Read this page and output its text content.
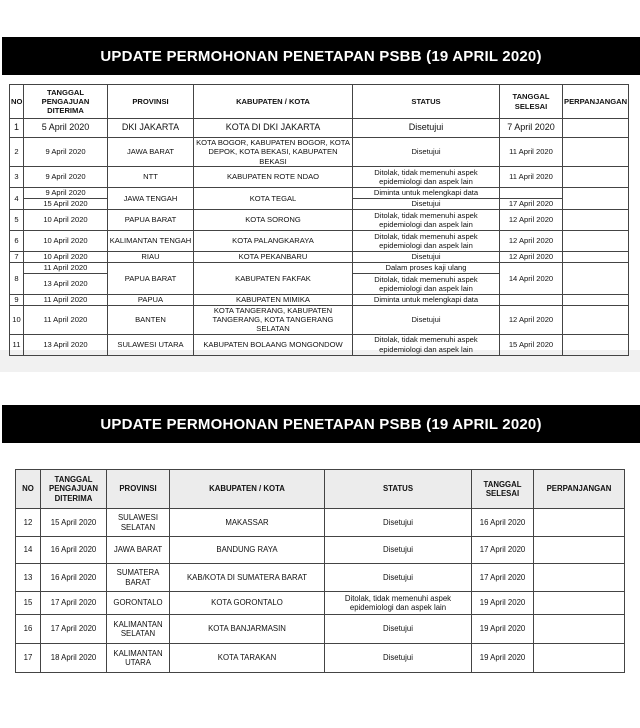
UPDATE PERMOHONAN PENETAPAN PSBB (19 APRIL 2020)
NO	TANGGAL PENGAJUAN DITERIMA	PROVINSI	KABUPATEN / KOTA	STATUS	TANGGAL SELESAI	PERPANJANGAN
1	5 April 2020	DKI JAKARTA	KOTA DI DKI JAKARTA	Disetujui	7 April 2020	
2	9 April 2020	JAWA BARAT	KOTA BOGOR, KABUPATEN BOGOR, KOTA DEPOK, KOTA BEKASI, KABUPATEN BEKASI	Disetujui	11 April 2020	
3	9 April 2020	NTT	KABUPATEN ROTE NDAO	Ditolak, tidak memenuhi aspek epidemiologi dan aspek lain	11 April 2020	
4	9 April 2020	JAWA TENGAH	KOTA TEGAL	Diminta untuk melengkapi data		
	15 April 2020			Disetujui	17 April 2020	
5	10 April 2020	PAPUA BARAT	KOTA SORONG	Ditolak, tidak memenuhi aspek epidemiologi dan aspek lain	12 April 2020	
6	10 April 2020	KALIMANTAN TENGAH	KOTA PALANGKARAYA	Ditolak, tidak memenuhi aspek epidemiologi dan aspek lain	12 April 2020	
7	10 April 2020	RIAU	KOTA PEKANBARU	Disetujui	12 April 2020	
8	11 April 2020	PAPUA BARAT	KABUPATEN FAKFAK	Dalam proses kaji ulang	14 April 2020	
	13 April 2020			Ditolak, tidak memenuhi aspek epidemiologi dan aspek lain		
9	11 April 2020	PAPUA	KABUPATEN MIMIKA	Diminta untuk melengkapi data		
10	11 April 2020	BANTEN	KOTA TANGERANG, KABUPATEN TANGERANG, KOTA TANGERANG SELATAN	Disetujui	12 April 2020	
11	13 April 2020	SULAWESI UTARA	KABUPATEN BOLAANG MONGONDOW	Ditolak, tidak memenuhi aspek epidemiologi dan aspek lain	15 April 2020	
UPDATE PERMOHONAN PENETAPAN PSBB (19 APRIL 2020)
NO	TANGGAL PENGAJUAN DITERIMA	PROVINSI	KABUPATEN / KOTA	STATUS	TANGGAL SELESAI	PERPANJANGAN
12	15 April 2020	SULAWESI SELATAN	MAKASSAR	Disetujui	16 April 2020	
14	16 April 2020	JAWA BARAT	BANDUNG RAYA	Disetujui	17 April 2020	
13	16 April 2020	SUMATERA BARAT	KAB/KOTA DI SUMATERA BARAT	Disetujui	17 April 2020	
15	17 April 2020	GORONTALO	KOTA GORONTALO	Ditolak, tidak memenuhi aspek epidemiologi dan aspek lain	19 April 2020	
16	17 April 2020	KALIMANTAN SELATAN	KOTA BANJARMASIN	Disetujui	19 April 2020	
17	18 April 2020	KALIMANTAN UTARA	KOTA TARAKAN	Disetujui	19 April 2020	
